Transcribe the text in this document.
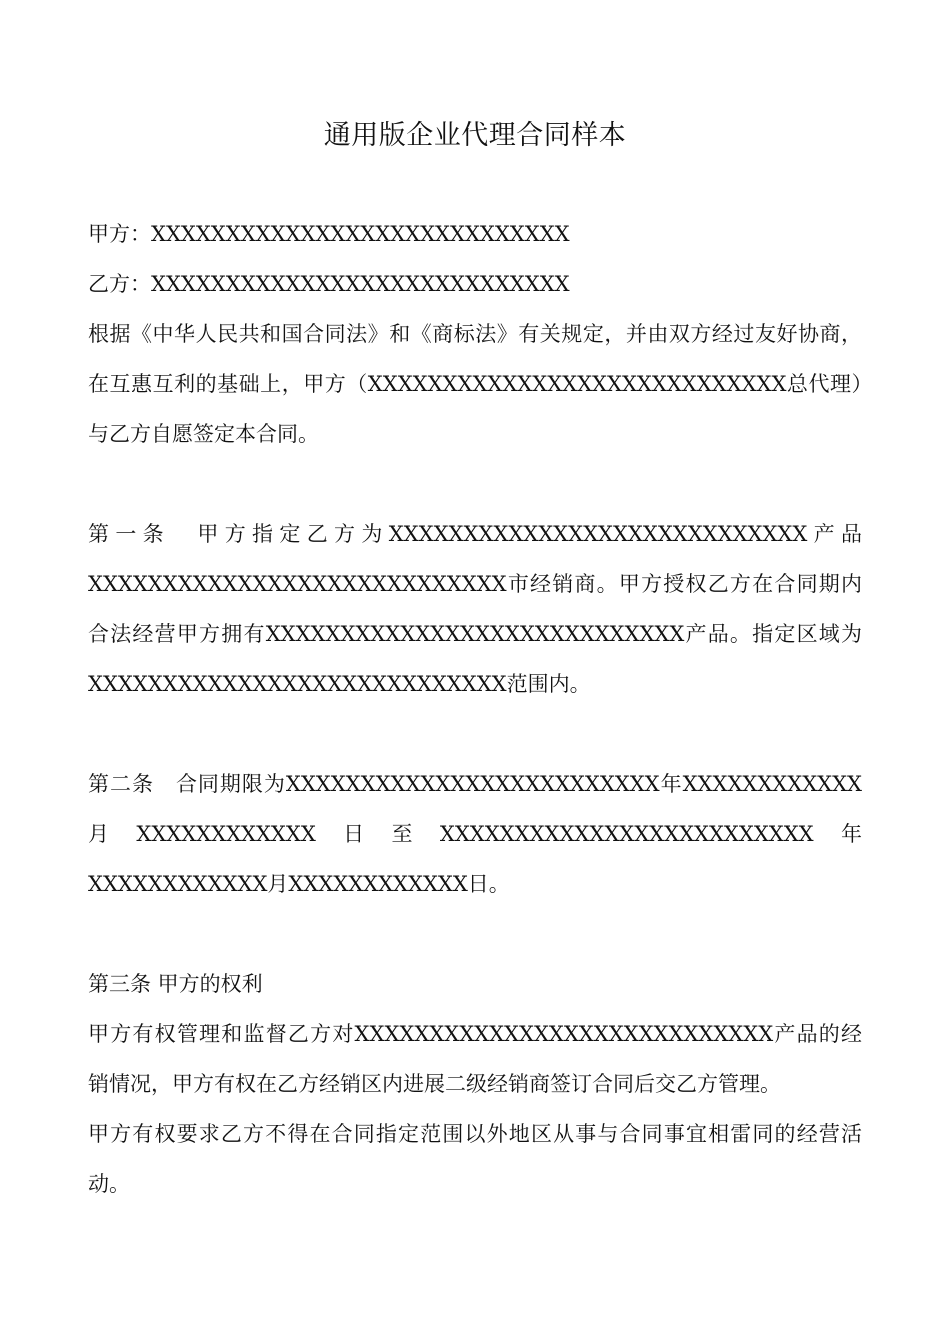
通用版企业代理合同样本

甲方：XXXXXXXXXXXXXXXXXXXXXXXXXXXX

乙方：XXXXXXXXXXXXXXXXXXXXXXXXXXXX

根据《中华人民共和国合同法》和《商标法》有关规定，并由双方经过友好协商，在互惠互利的基础上，甲方（XXXXXXXXXXXXXXXXXXXXXXXXXXXX总代理）与乙方自愿签定本合同。

第一条　甲方指定乙方为XXXXXXXXXXXXXXXXXXXXXXXXXXXX产品XXXXXXXXXXXXXXXXXXXXXXXXXXXX市经销商。甲方授权乙方在合同期内合法经营甲方拥有XXXXXXXXXXXXXXXXXXXXXXXXXXXX产品。指定区域为XXXXXXXXXXXXXXXXXXXXXXXXXXXX范围内。

第二条　合同期限为XXXXXXXXXXXXXXXXXXXXXXXXX年XXXXXXXXXXXX月XXXXXXXXXXXX日至XXXXXXXXXXXXXXXXXXXXXXXXX年XXXXXXXXXXXX月XXXXXXXXXXXX日。

第三条 甲方的权利

甲方有权管理和监督乙方对XXXXXXXXXXXXXXXXXXXXXXXXXXXX产品的经销情况，甲方有权在乙方经销区内进展二级经销商签订合同后交乙方管理。

甲方有权要求乙方不得在合同指定范围以外地区从事与合同事宜相雷同的经营活动。
